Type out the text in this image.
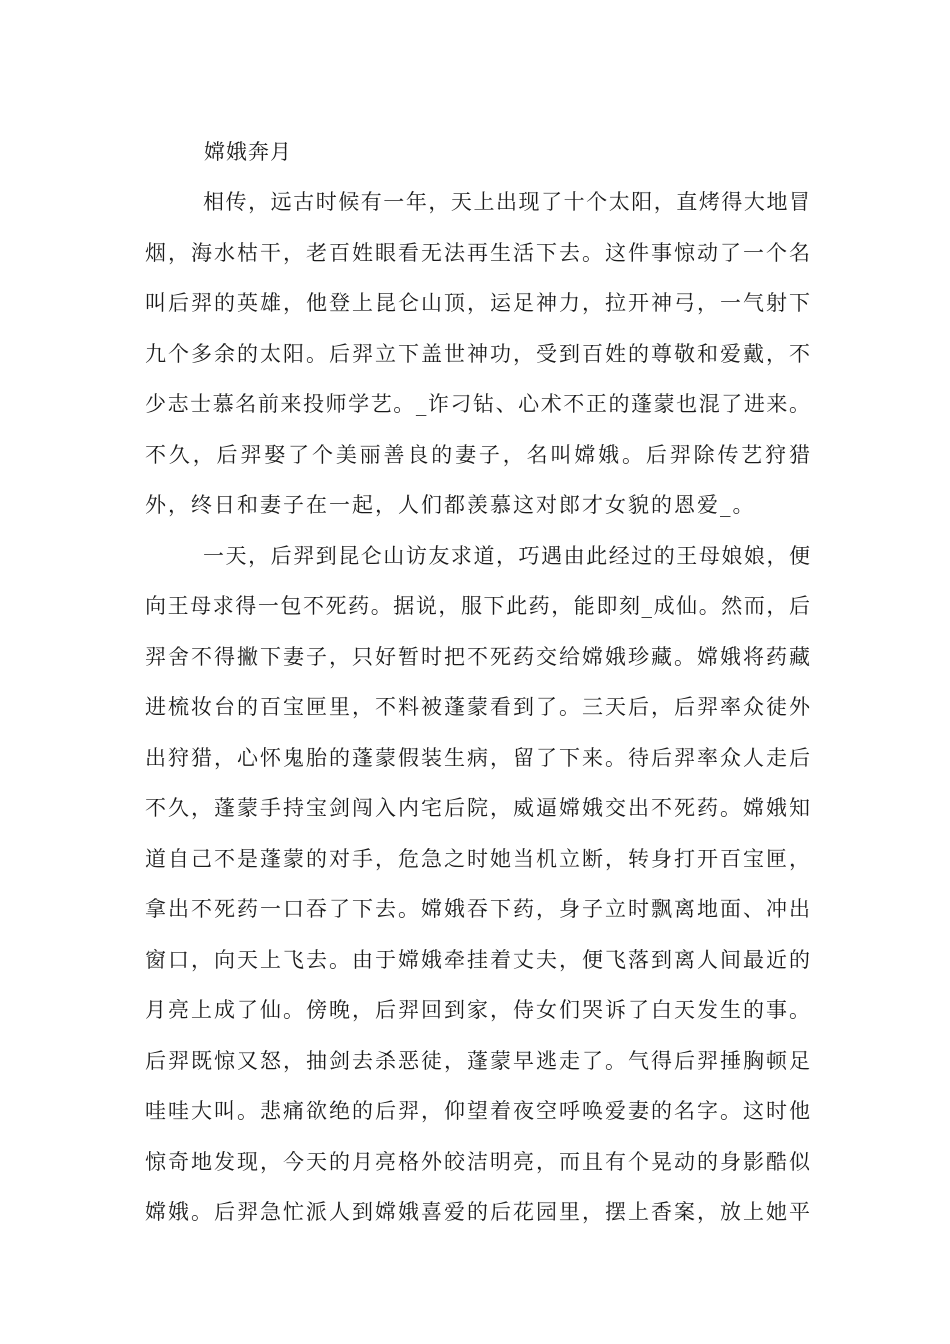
嫦娥奔月
相传，远古时候有一年，天上出现了十个太阳，直烤得大地冒
烟，海水枯干，老百姓眼看无法再生活下去。这件事惊动了一个名
叫后羿的英雄，他登上昆仑山顶，运足神力，拉开神弓，一气射下
九个多余的太阳。后羿立下盖世神功，受到百姓的尊敬和爱戴，不
少志士慕名前来投师学艺。_诈刁钻、心术不正的蓬蒙也混了进来。
不久，后羿娶了个美丽善良的妻子，名叫嫦娥。后羿除传艺狩猎
外，终日和妻子在一起，人们都羡慕这对郎才女貌的恩爱_。
一天，后羿到昆仑山访友求道，巧遇由此经过的王母娘娘，便
向王母求得一包不死药。据说，服下此药，能即刻_成仙。然而，后
羿舍不得撇下妻子，只好暂时把不死药交给嫦娥珍藏。嫦娥将药藏
进梳妆台的百宝匣里，不料被蓬蒙看到了。三天后，后羿率众徒外
出狩猎，心怀鬼胎的蓬蒙假装生病，留了下来。待后羿率众人走后
不久，蓬蒙手持宝剑闯入内宅后院，威逼嫦娥交出不死药。嫦娥知
道自己不是蓬蒙的对手，危急之时她当机立断，转身打开百宝匣，
拿出不死药一口吞了下去。嫦娥吞下药，身子立时飘离地面、冲出
窗口，向天上飞去。由于嫦娥牵挂着丈夫，便飞落到离人间最近的
月亮上成了仙。傍晚，后羿回到家，侍女们哭诉了白天发生的事。
后羿既惊又怒，抽剑去杀恶徒，蓬蒙早逃走了。气得后羿捶胸顿足
哇哇大叫。悲痛欲绝的后羿，仰望着夜空呼唤爱妻的名字。这时他
惊奇地发现，今天的月亮格外皎洁明亮，而且有个晃动的身影酷似
嫦娥。后羿急忙派人到嫦娥喜爱的后花园里，摆上香案，放上她平
